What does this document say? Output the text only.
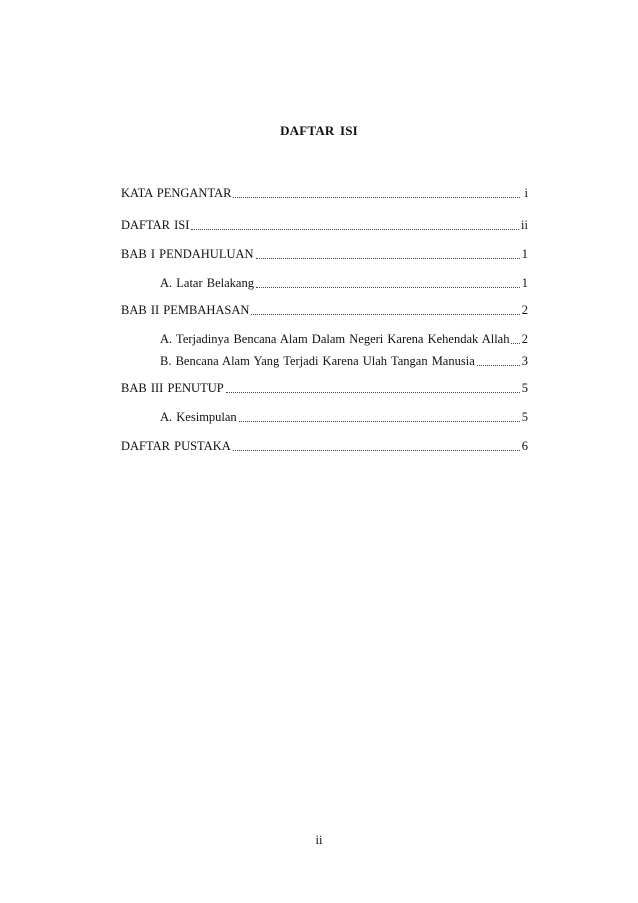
DAFTAR ISI
KATA PENGANTAR	i
DAFTAR ISI	ii
BAB I PENDAHULUAN	1
A. Latar Belakang	1
BAB II PEMBAHASAN	2
A. Terjadinya Bencana Alam Dalam Negeri Karena Kehendak Allah 2
B. Bencana Alam Yang Terjadi Karena Ulah Tangan Manusia	3
BAB III PENUTUP	5
A. Kesimpulan	5
DAFTAR PUSTAKA	6
ii
